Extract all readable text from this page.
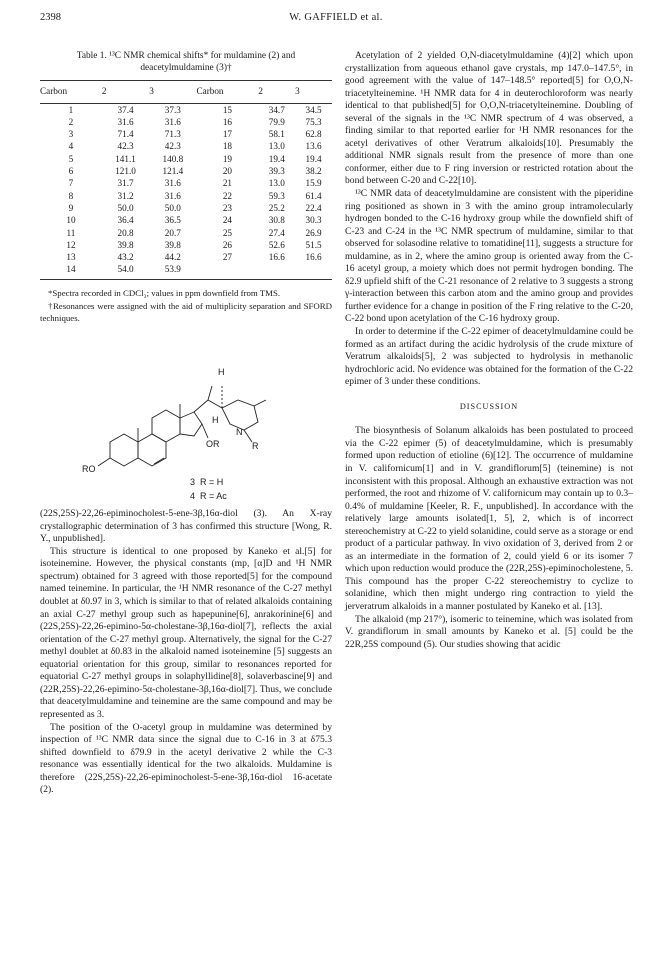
2398	W. GAFFIELD et al.
Table 1. ¹³C NMR chemical shifts* for muldamine (2) and deacetylmuldamine (3)†
Carbon	2	3	Carbon	2	3
1	37.4	37.3	15	34.7	34.5
2	31.6	31.6	16	79.9	75.3
3	71.4	71.3	17	58.1	62.8
4	42.3	42.3	18	13.0	13.6
5	141.1	140.8	19	19.4	19.4
6	121.0	121.4	20	39.3	38.2
7	31.7	31.6	21	13.0	15.9
8	31.2	31.6	22	59.3	61.4
9	50.0	50.0	23	25.2	22.4
10	36.4	36.5	24	30.8	30.3
11	20.8	20.7	25	27.4	26.9
12	39.8	39.8	26	52.6	51.5
13	43.2	44.2	27	16.6	16.6
14	54.0	53.9			

*Spectra recorded in CDCl₃; values in ppm downfield from TMS.

†Resonances were assigned with the aid of multiplicity separation and SFORD techniques.

H
N
R
H
OR
RO
3  R = H
4  R = Ac

(22S,25S)-22,26-epiminocholest-5-ene-3β,16α-diol (3). An X-ray crystallographic determination of 3 has confirmed this structure [Wong, R. Y., unpublished].

This structure is identical to one proposed by Kaneko et al.[5] for isoteinemine. However, the physical constants (mp, [α]D and ¹H NMR spectrum) obtained for 3 agreed with those reported[5] for the compound named teinemine. In particular, the ¹H NMR resonance of the C-27 methyl doublet at δ0.97 in 3, which is similar to that of related alkaloids containing an axial C-27 methyl group such as hapepunine[6], anrakorinine[6] and (22S,25S)-22,26-epimino-5α-cholestane-3β,16α-diol[7], reflects the axial orientation of the C-27 methyl group. Alternatively, the signal for the C-27 methyl doublet at δ0.83 in the alkaloid named isoteinemine [5] suggests an equatorial orientation for this group, similar to resonances reported for equatorial C-27 methyl groups in solaphyllidine[8], solaverbascine[9] and (22R,25S)-22,26-epimino-5α-cholestane-3β,16α-diol[7]. Thus, we conclude that deacetylmuldamine and teinemine are the same compound and may be represented as 3.

The position of the O-acetyl group in muldamine was determined by inspection of ¹³C NMR data since the signal due to C-16 in 3 at δ75.3 shifted downfield to δ79.9 in the acetyl derivative 2 while the C-3 resonance was essentially identical for the two alkaloids. Muldamine is therefore (22S,25S)-22,26-epiminocholest-5-ene-3β,16α-diol 16-acetate (2).

Acetylation of 2 yielded O,N-diacetylmuldamine (4)[2] which upon crystallization from aqueous ethanol gave crystals, mp 147.0–147.5°, in good agreement with the value of 147–148.5° reported[5] for O,O,N-triacetylteinemine. ¹H NMR data for 4 in deuterochloroform was nearly identical to that published[5] for O,O,N-triacetylteinemine. Doubling of several of the signals in the ¹³C NMR spectrum of 4 was observed, a finding similar to that reported earlier for ¹H NMR resonances for the acetyl derivatives of other Veratrum alkaloids[10]. Presumably the additional NMR signals result from the presence of more than one conformer, either due to F ring inversion or restricted rotation about the bond between C-20 and C-22[10].

¹³C NMR data of deacetylmuldamine are consistent with the piperidine ring positioned as shown in 3 with the amino group intramolecularly hydrogen bonded to the C-16 hydroxy group while the downfield shift of C-23 and C-24 in the ¹³C NMR spectrum of muldamine, similar to that observed for solasodine relative to tomatidine[11], suggests a structure for muldamine, as in 2, where the amino group is oriented away from the C-16 acetyl group, a moiety which does not permit hydrogen bonding. The δ2.9 upfield shift of the C-21 resonance of 2 relative to 3 suggests a strong γ-interaction between this carbon atom and the amino group and provides further evidence for a change in position of the F ring relative to the C-20, C-22 bond upon acetylation of the C-16 hydroxy group.

In order to determine if the C-22 epimer of deacetylmuldamine could be formed as an artifact during the acidic hydrolysis of the crude mixture of Veratrum alkaloids[5], 2 was subjected to hydrolysis in methanolic hydrochloric acid. No evidence was obtained for the formation of the C-22 epimer of 3 under these conditions.

DISCUSSION

The biosynthesis of Solanum alkaloids has been postulated to proceed via the C-22 epimer (5) of deacetylmuldamine, which is presumably formed upon reduction of etioline (6)[12]. The occurrence of muldamine in V. californicum[1] and in V. grandiflorum[5] (teinemine) is not inconsistent with this proposal. Although an exhaustive extraction was not performed, the root and rhizome of V. californicum may contain up to 0.3–0.4% of muldamine [Keeler, R. F., unpublished]. In accordance with the relatively large amounts isolated[1, 5], 2, which is of incorrect stereochemistry at C-22 to yield solanidine, could serve as a storage or end product of a particular pathway. In vivo oxidation of 3, derived from 2 or as an intermediate in the formation of 2, could yield 6 or its isomer 7 which upon reduction would produce the (22R,25S)-epiminocholestene, 5. This compound has the proper C-22 stereochemistry to cyclize to solanidine, which then might undergo ring contraction to yield the jerveratrum alkaloids in a manner postulated by Kaneko et al. [13].

The alkaloid (mp 217°), isomeric to teinemine, which was isolated from V. grandiflorum in small amounts by Kaneko et al. [5] could be the 22R,25S compound (5). Our studies showing that acidic
